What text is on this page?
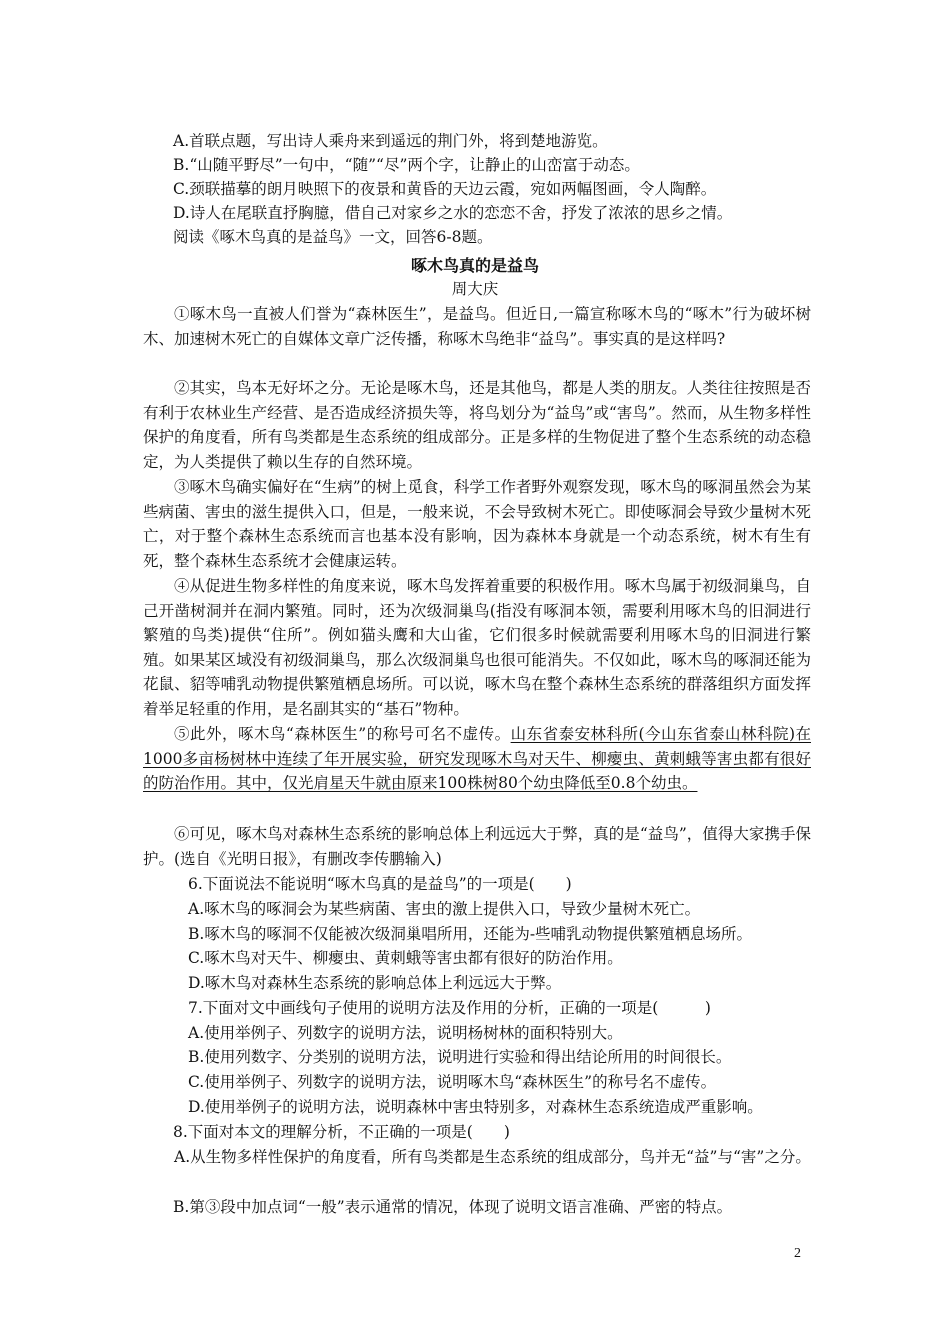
A.首联点题，写出诗人乘舟来到遥远的荆门外，将到楚地游览。
B.“山随平野尽”一句中，“随”“尽”两个字，让静止的山峦富于动态。
C.颈联描摹的朗月映照下的夜景和黄昏的天边云霞，宛如两幅图画，令人陶醉。
D.诗人在尾联直抒胸臆，借自己对家乡之水的恋恋不舍，抒发了浓浓的思乡之情。
阅读《啄木鸟真的是益鸟》一文，回答6-8题。
啄木鸟真的是益鸟
周大庆
①啄木鸟一直被人们誉为“森林医生”，是益鸟。但近日,一篇宣称啄木鸟的“啄木”行为破坏树木、加速树木死亡的自媒体文章广泛传播，称啄木鸟绝非“益鸟”。事实真的是这样吗?
②其实，鸟本无好坏之分。无论是啄木鸟，还是其他鸟，都是人类的朋友。人类往往按照是否有利于农林业生产经营、是否造成经济损失等，将鸟划分为“益鸟”或“害鸟”。然而，从生物多样性保护的角度看，所有鸟类都是生态系统的组成部分。正是多样的生物促进了整个生态系统的动态稳定，为人类提供了赖以生存的自然环境。
③啄木鸟确实偏好在“生病”的树上觅食，科学工作者野外观察发现，啄木鸟的啄洞虽然会为某些病菌、害虫的滋生提供入口，但是，一般来说，不会导致树木死亡。即使啄洞会导致少量树木死亡，对于整个森林生态系统而言也基本没有影响，因为森林本身就是一个动态系统，树木有生有死，整个森林生态系统才会健康运转。
④从促进生物多样性的角度来说，啄木鸟发挥着重要的积极作用。啄木鸟属于初级洞巢鸟，自己开凿树洞并在洞内繁殖。同时，还为次级洞巢鸟(指没有啄洞本领，需要利用啄木鸟的旧洞进行繁殖的鸟类)提供“住所”。例如猫头鹰和大山雀，它们很多时候就需要利用啄木鸟的旧洞进行繁殖。如果某区域没有初级洞巢鸟，那么次级洞巢鸟也很可能消失。不仅如此，啄木鸟的啄洞还能为花鼠、貂等哺乳动物提供繁殖栖息场所。可以说，啄木鸟在整个森林生态系统的群落组织方面发挥着举足轻重的作用，是名副其实的“基石”物种。
⑤此外，啄木鸟“森林医生”的称号可名不虚传。山东省泰安林科所(今山东省泰山林科院)在1000多亩杨树林中连续了年开展实验，研究发现啄木鸟对天牛、柳瘿虫、黄刺蛾等害虫都有很好的防治作用。其中，仅光肩星天牛就由原来100株树80个幼虫降低至0.8个幼虫。
⑥可见，啄木鸟对森林生态系统的影响总体上利远远大于弊，真的是“益鸟”，值得大家携手保护。(选自《光明日报》，有删改李传鹏输入)
6.下面说法不能说明“啄木鸟真的是益鸟”的一项是(　　)
A.啄木鸟的啄洞会为某些病菌、害虫的激上提供入口，导致少量树木死亡。
B.啄木鸟的啄洞不仅能被次级洞巢唱所用，还能为-些哺乳动物提供繁殖栖息场所。
C.啄木鸟对天牛、柳瘿虫、黄刺蛾等害虫都有很好的防治作用。
D.啄木鸟对森林生态系统的影响总体上利远远大于弊。
7.下面对文中画线句子使用的说明方法及作用的分析，正确的一项是(　　　)
A.使用举例子、列数字的说明方法，说明杨树林的面积特别大。
B.使用列数字、分类别的说明方法，说明进行实验和得出结论所用的时间很长。
C.使用举例子、列数字的说明方法，说明啄木鸟“森林医生”的称号名不虚传。
D.使用举例子的说明方法，说明森林中害虫特别多，对森林生态系统造成严重影响。
8.下面对本文的理解分析，不正确的一项是(　　)
A.从生物多样性保护的角度看，所有鸟类都是生态系统的组成部分，鸟并无“益”与“害”之分。
B.第③段中加点词“一般”表示通常的情况，体现了说明文语言准确、严密的特点。
2
